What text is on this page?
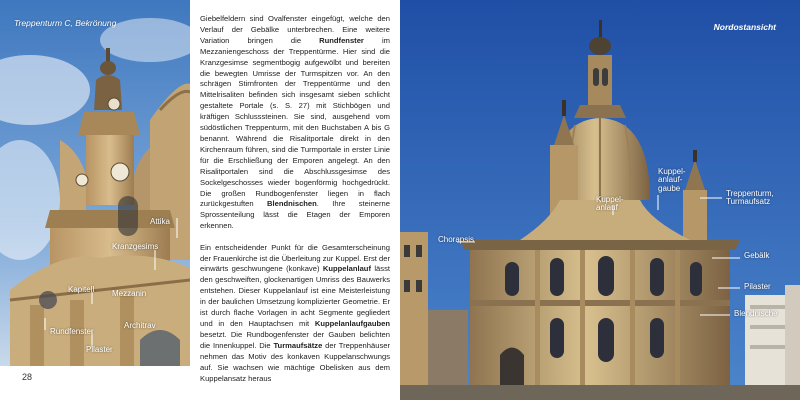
Treppenturm C, Bekrönung
Attika
Kranzgesims
Kapitell Mezzanin
Rundfenster
Architrav
Pilaster
28

Giebelfeldern sind Ovalfenster eingefügt, welche den Verlauf der Gebälke unterbrechen. Eine weitere Variation bringen die Rundfenster im Mezzaniengeschoss der Treppentürme. Hier sind die Kranzgesimse segmentbogig aufgewölbt und bereiten die bewegten Umrisse der Turmspitzen vor. An den schrägen Stirnfronten der Treppentürme und den Mittelrisaliten befinden sich insgesamt sieben schlicht gestaltete Portale (s. S. 27) mit Stichbögen und kräftigen Schlusssteinen. Sie sind, ausgehend vom südöstlichen Treppenturm, mit den Buchstaben A bis G benannt. Während die Risalitportale direkt in den Kirchenraum führen, sind die Turmportale in erster Linie für die Erschließung der Emporen angelegt. An den Risalitportalen sind die Abschlussgesimse des Sockelgeschosses wieder bogenförmig hochgedrückt. Die großen Rundbogenfenster liegen in flach zurückgestuften Blendnischen. Ihre steinerne Sprossenteilung lässt die Etagen der Emporen erkennen.

Ein entscheidender Punkt für die Gesamterscheinung der Frauenkirche ist die Überleitung zur Kuppel. Erst der einwärts geschwungene (konkave) Kuppelanlauf lässt den geschweiften, glockenartigen Umriss des Bauwerks entstehen. Dieser Kuppelanlauf ist eine Meisterleistung in der baulichen Umsetzung komplizierter Geometrie. Er ist durch flache Vorlagen in acht Segmente gegliedert und in den Hauptachsen mit Kuppelanlaufgauben besetzt. Die Rundbogenfenster der Gauben belichten die Innenkuppel. Die Turmaufsätze der Treppenhäuser nehmen das Motiv des konkaven Kuppelanschwungs auf. Sie wachsen wie mächtige Obelisken aus dem Kuppelansatz heraus

Nordostansicht
Chorapsis
Kuppel-
anlauf
Kuppel-
anlauf-
gaube
Treppenturm,
Turmaufsatz
Gebälk
Pilaster
Blendnische
